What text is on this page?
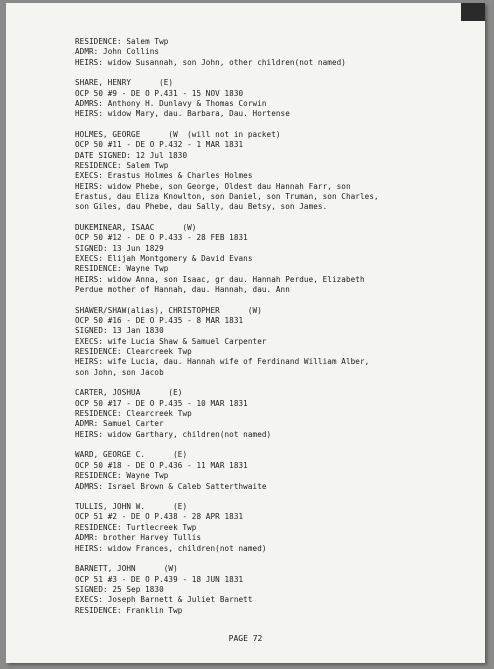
RESIDENCE: Salem Twp
ADMR: John Collins
HEIRS: widow Susannah, son John, other children(not named)
SHARE, HENRY      (E)
OCP 50 #9 - DE O P.431 - 15 NOV 1830
ADMRS: Anthony H. Dunlavy & Thomas Corwin
HEIRS: widow Mary, dau. Barbara, Dau. Hortense
HOLMES, GEORGE      (W  (will not in packet)
OCP 50 #11 - DE O P.432 - 1 MAR 1831
DATE SIGNED: 12 Jul 1830
RESIDENCE: Salem Twp
EXECS: Erastus Holmes & Charles Holmes
HEIRS: widow Phebe, son George, Oldest dau Hannah Farr, son
Erastus, dau Eliza Knowlton, son Daniel, son Truman, son Charles,
son Giles, dau Phebe, dau Sally, dau Betsy, son James.
DUKEMINEAR, ISAAC      (W)
OCP 50 #12 - DE O P.433 - 28 FEB 1831
SIGNED: 13 Jun 1829
EXECS: Elijah Montgomery & David Evans
RESIDENCE: Wayne Twp
HEIRS: widow Anna, son Isaac, gr dau. Hannah Perdue, Elizabeth
Perdue mother of Hannah, dau. Hannah, dau. Ann
SHAWER/SHAW(alias), CHRISTOPHER      (W)
OCP 50 #16 - DE O P.435 - 8 MAR 1831
SIGNED: 13 Jan 1830
EXECS: wife Lucia Shaw & Samuel Carpenter
RESIDENCE: Clearcreek Twp
HEIRS: wife Lucia, dau. Hannah wife of Ferdinand William Alber,
son John, son Jacob
CARTER, JOSHUA      (E)
OCP 50 #17 - DE O P.435 - 10 MAR 1831
RESIDENCE: Clearcreek Twp
ADMR: Samuel Carter
HEIRS: widow Garthary, children(not named)
WARD, GEORGE C.      (E)
OCP 50 #18 - DE O P.436 - 11 MAR 1831
RESIDENCE: Wayne Twp
ADMRS: Israel Brown & Caleb Satterthwaite
TULLIS, JOHN W.      (E)
OCP 51 #2 - DE O P.438 - 28 APR 1831
RESIDENCE: Turtlecreek Twp
ADMR: brother Harvey Tullis
HEIRS: widow Frances, children(not named)
BARNETT, JOHN      (W)
OCP 51 #3 - DE O P.439 - 18 JUN 1831
SIGNED: 25 Sep 1830
EXECS: Joseph Barnett & Juliet Barnett
RESIDENCE: Franklin Twp
PAGE 72
